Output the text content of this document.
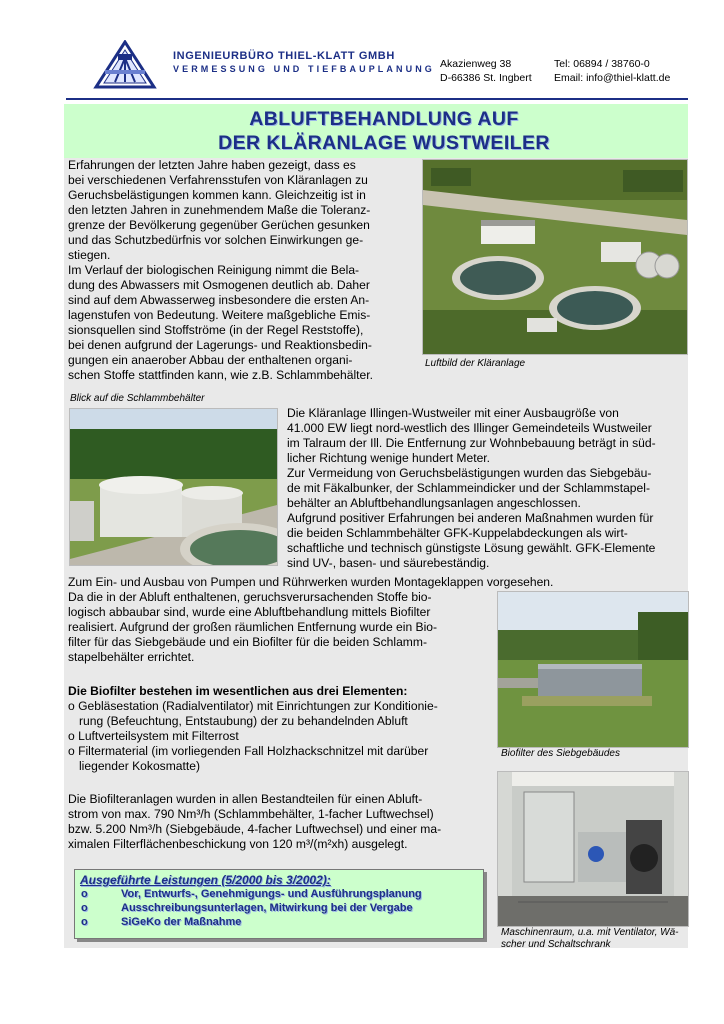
INGENIEURBÜRO THIEL-KLATT GMBH
VERMESSUNG UND TIEFBAUPLANUNG Akazienweg 38
D-66386 St. Ingbert
Tel: 06894 / 38760-0
Email: info@thiel-klatt.de
ABLUFTBEHANDLUNG AUF
DER KLÄRANLAGE WUSTWEILER
Erfahrungen der letzten Jahre haben gezeigt, dass es
bei verschiedenen Verfahrensstufen von Kläranlagen zu
Geruchsbelästigungen kommen kann. Gleichzeitig ist in
den letzten Jahren in zunehmendem Maße die Toleranz-
grenze der Bevölkerung gegenüber Gerüchen gesunken
und das Schutzbedürfnis vor solchen Einwirkungen ge-
stiegen.
Im Verlauf der biologischen Reinigung nimmt die Bela-
dung des Abwassers mit Osmogenen deutlich ab. Daher
sind auf dem Abwasserweg insbesondere die ersten An-
lagenstufen von Bedeutung. Weitere maßgebliche Emis-
sionsquellen sind Stoffströme (in der Regel Reststoffe),
bei denen aufgrund der Lagerungs- und Reaktionsbedin-
gungen ein anaerober Abbau der enthaltenen organi-
schen Stoffe stattfinden kann, wie z.B. Schlammbehälter.
Luftbild der Kläranlage
Blick auf die Schlammbehälter
Die Kläranlage Illingen-Wustweiler mit einer Ausbaugröße von
41.000 EW liegt nord-westlich des Illinger Gemeindeteils Wustweiler
im Talraum der Ill. Die Entfernung zur Wohnbebauung beträgt in süd-
licher Richtung wenige hundert Meter.
Zur Vermeidung von Geruchsbelästigungen wurden das Siebgebäu-
de mit Fäkalbunker, der Schlammeindicker und der Schlammstapel-
behälter an Abluftbehandlungsanlagen angeschlossen.
Aufgrund positiver Erfahrungen bei anderen Maßnahmen wurden für
die beiden Schlammbehälter GFK-Kuppelabdeckungen als wirt-
schaftliche und technisch günstigste Lösung gewählt. GFK-Elemente
sind UV-, basen- und säurebeständig.
Zum Ein- und Ausbau von Pumpen und Rührwerken wurden Montageklappen vorgesehen.
Da die in der Abluft enthaltenen, geruchsverursachenden Stoffe bio-
logisch abbaubar sind, wurde eine Abluftbehandlung mittels Biofilter
realisiert. Aufgrund der großen räumlichen Entfernung wurde ein Bio-
filter für das Siebgebäude und ein Biofilter für die beiden Schlamm-
stapelbehälter errichtet.
Die Biofilter bestehen im wesentlichen aus drei Elementen:
o Gebläsestation (Radialventilator) mit Einrichtungen zur Konditionie-
rung (Befeuchtung, Entstaubung) der zu behandelnden Abluft
o Luftverteilsystem mit Filterrost
o Filtermaterial (im vorliegenden Fall Holzhackschnitzel mit darüber
liegender Kokosmatte)
Die Biofilteranlagen wurden in allen Bestandteilen für einen Abluft-
strom von max. 790 Nm³/h (Schlammbehälter, 1-facher Luftwechsel)
bzw. 5.200 Nm³/h (Siebgebäude, 4-facher Luftwechsel) und einer ma-
ximalen Filterflächenbeschickung von 120 m³/(m²xh) ausgelegt.
Biofilter des Siebgebäudes
Maschinenraum, u.a. mit Ventilator, Wä-
scher und Schaltschrank
Ausgeführte Leistungen (5/2000 bis 3/2002):
o	Vor, Entwurfs-, Genehmigungs- und Ausführungsplanung
o	Ausschreibungsunterlagen, Mitwirkung bei der Vergabe
o	SiGeKo der Maßnahme
